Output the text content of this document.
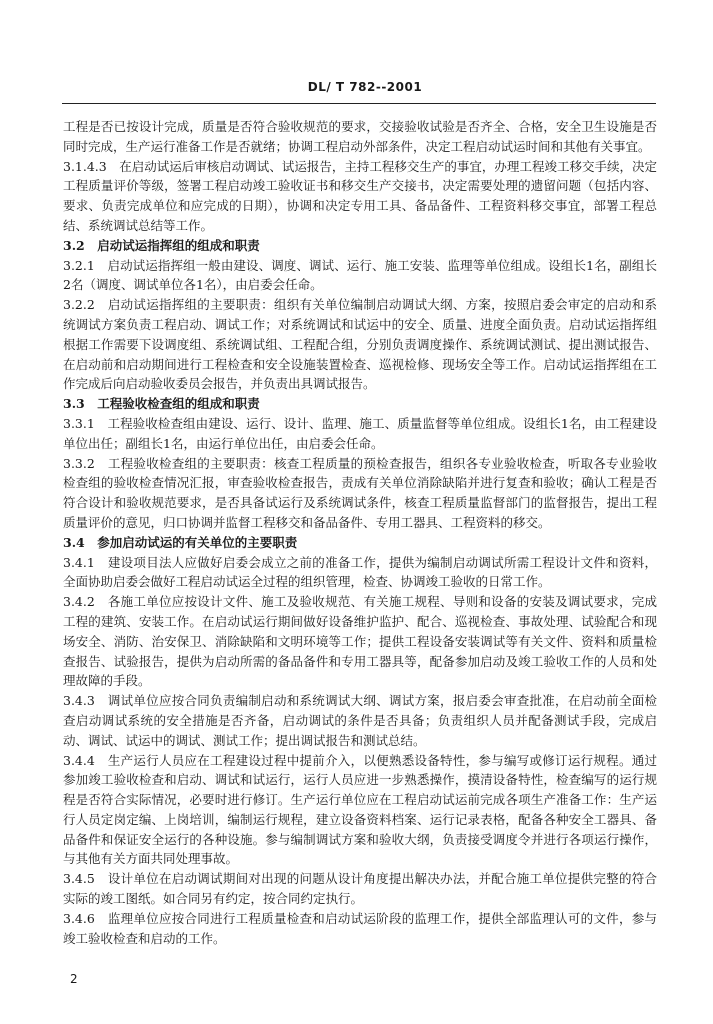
DL/ T 782--2001

工程是否已按设计完成，质量是否符合验收规范的要求，交接验收试验是否齐全、合格，安全卫生设施是否同时完成，生产运行准备工作是否就绪；协调工程启动外部条件，决定工程启动试运时间和其他有关事宜。

3.1.4.3　在启动试运后审核启动调试、试运报告，主持工程移交生产的事宜，办理工程竣工移交手续，决定工程质量评价等级，签署工程启动竣工验收证书和移交生产交接书，决定需要处理的遗留问题（包括内容、要求、负责完成单位和应完成的日期），协调和决定专用工具、备品备件、工程资料移交事宜，部署工程总结、系统调试总结等工作。

3.2　启动试运指挥组的组成和职责

3.2.1　启动试运指挥组一般由建设、调度、调试、运行、施工安装、监理等单位组成。设组长1名，副组长2名（调度、调试单位各1名），由启委会任命。

3.2.2　启动试运指挥组的主要职责：组织有关单位编制启动调试大纲、方案，按照启委会审定的启动和系统调试方案负责工程启动、调试工作；对系统调试和试运中的安全、质量、进度全面负责。启动试运指挥组根据工作需要下设调度组、系统调试组、工程配合组，分别负责调度操作、系统调试测试、提出测试报告、在启动前和启动期间进行工程检查和安全设施装置检查、巡视检修、现场安全等工作。启动试运指挥组在工作完成后向启动验收委员会报告，并负责出具调试报告。

3.3　工程验收检查组的组成和职责

3.3.1　工程验收检查组由建设、运行、设计、监理、施工、质量监督等单位组成。设组长1名，由工程建设单位出任；副组长1名，由运行单位出任，由启委会任命。

3.3.2　工程验收检查组的主要职责：核查工程质量的预检查报告，组织各专业验收检查，听取各专业验收检查组的验收检查情况汇报，审查验收检查报告，责成有关单位消除缺陷并进行复查和验收；确认工程是否符合设计和验收规范要求，是否具备试运行及系统调试条件，核查工程质量监督部门的监督报告，提出工程质量评价的意见，归口协调并监督工程移交和备品备件、专用工器具、工程资料的移交。

3.4　参加启动试运的有关单位的主要职责

3.4.1　建设项目法人应做好启委会成立之前的准备工作，提供为编制启动调试所需工程设计文件和资料，全面协助启委会做好工程启动试运全过程的组织管理，检查、协调竣工验收的日常工作。

3.4.2　各施工单位应按设计文件、施工及验收规范、有关施工规程、导则和设备的安装及调试要求，完成工程的建筑、安装工作。在启动试运行期间做好设备维护监护、配合、巡视检查、事故处理、试验配合和现场安全、消防、治安保卫、消除缺陷和文明环境等工作；提供工程设备安装调试等有关文件、资料和质量检查报告、试验报告，提供为启动所需的备品备件和专用工器具等，配备参加启动及竣工验收工作的人员和处理故障的手段。

3.4.3　调试单位应按合同负责编制启动和系统调试大纲、调试方案，报启委会审查批准，在启动前全面检查启动调试系统的安全措施是否齐备，启动调试的条件是否具备；负责组织人员并配备测试手段，完成启动、调试、试运中的调试、测试工作；提出调试报告和测试总结。

3.4.4　生产运行人员应在工程建设过程中提前介入，以便熟悉设备特性，参与编写或修订运行规程。通过参加竣工验收检查和启动、调试和试运行，运行人员应进一步熟悉操作，摸清设备特性，检查编写的运行规程是否符合实际情况，必要时进行修订。生产运行单位应在工程启动试运前完成各项生产准备工作：生产运行人员定岗定编、上岗培训，编制运行规程，建立设备资料档案、运行记录表格，配备各种安全工器具、备品备件和保证安全运行的各种设施。参与编制调试方案和验收大纲，负责接受调度令并进行各项运行操作，与其他有关方面共同处理事故。

3.4.5　设计单位在启动调试期间对出现的问题从设计角度提出解决办法，并配合施工单位提供完整的符合实际的竣工图纸。如合同另有约定，按合同约定执行。

3.4.6　监理单位应按合同进行工程质量检查和启动试运阶段的监理工作，提供全部监理认可的文件，参与竣工验收检查和启动的工作。

2
